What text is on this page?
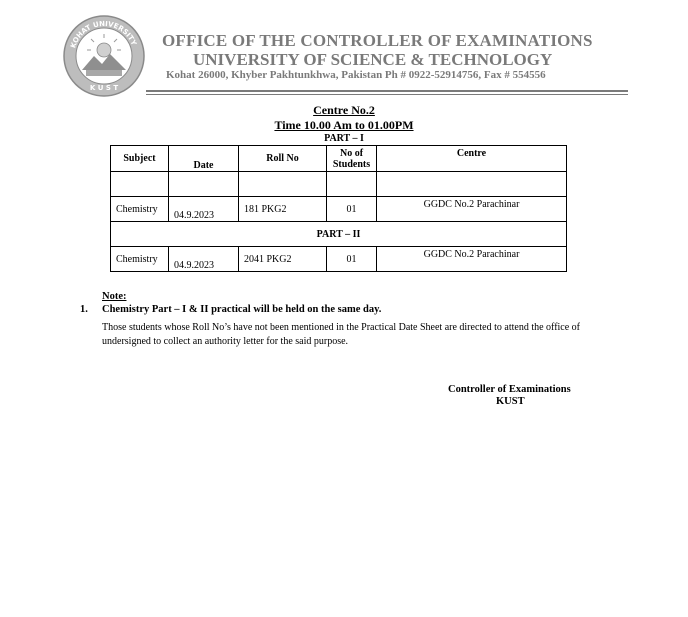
KOHAT UNIVERSITY
K U S T
OFFICE OF THE CONTROLLER OF EXAMINATIONS
UNIVERSITY OF SCIENCE & TECHNOLOGY
Kohat 26000, Khyber Pakhtunkhwa, Pakistan Ph # 0922-52914756, Fax # 554556
Centre No.2
Time 10.00 Am to 01.00PM
PART – I
Subject	Date	Roll No	No of Students	Centre

Chemistry	04.9.2023	181 PKG2	01	GGDC No.2 Parachinar
PART – II				
Chemistry	04.9.2023	2041 PKG2	01	GGDC No.2 Parachinar
Note:
1. Chemistry Part – I & II practical will be held on the same day.
Those students whose Roll No’s have not been mentioned in the Practical Date Sheet are directed to attend the office of undersigned to collect an authority letter for the said purpose.
Controller of Examinations
KUST
